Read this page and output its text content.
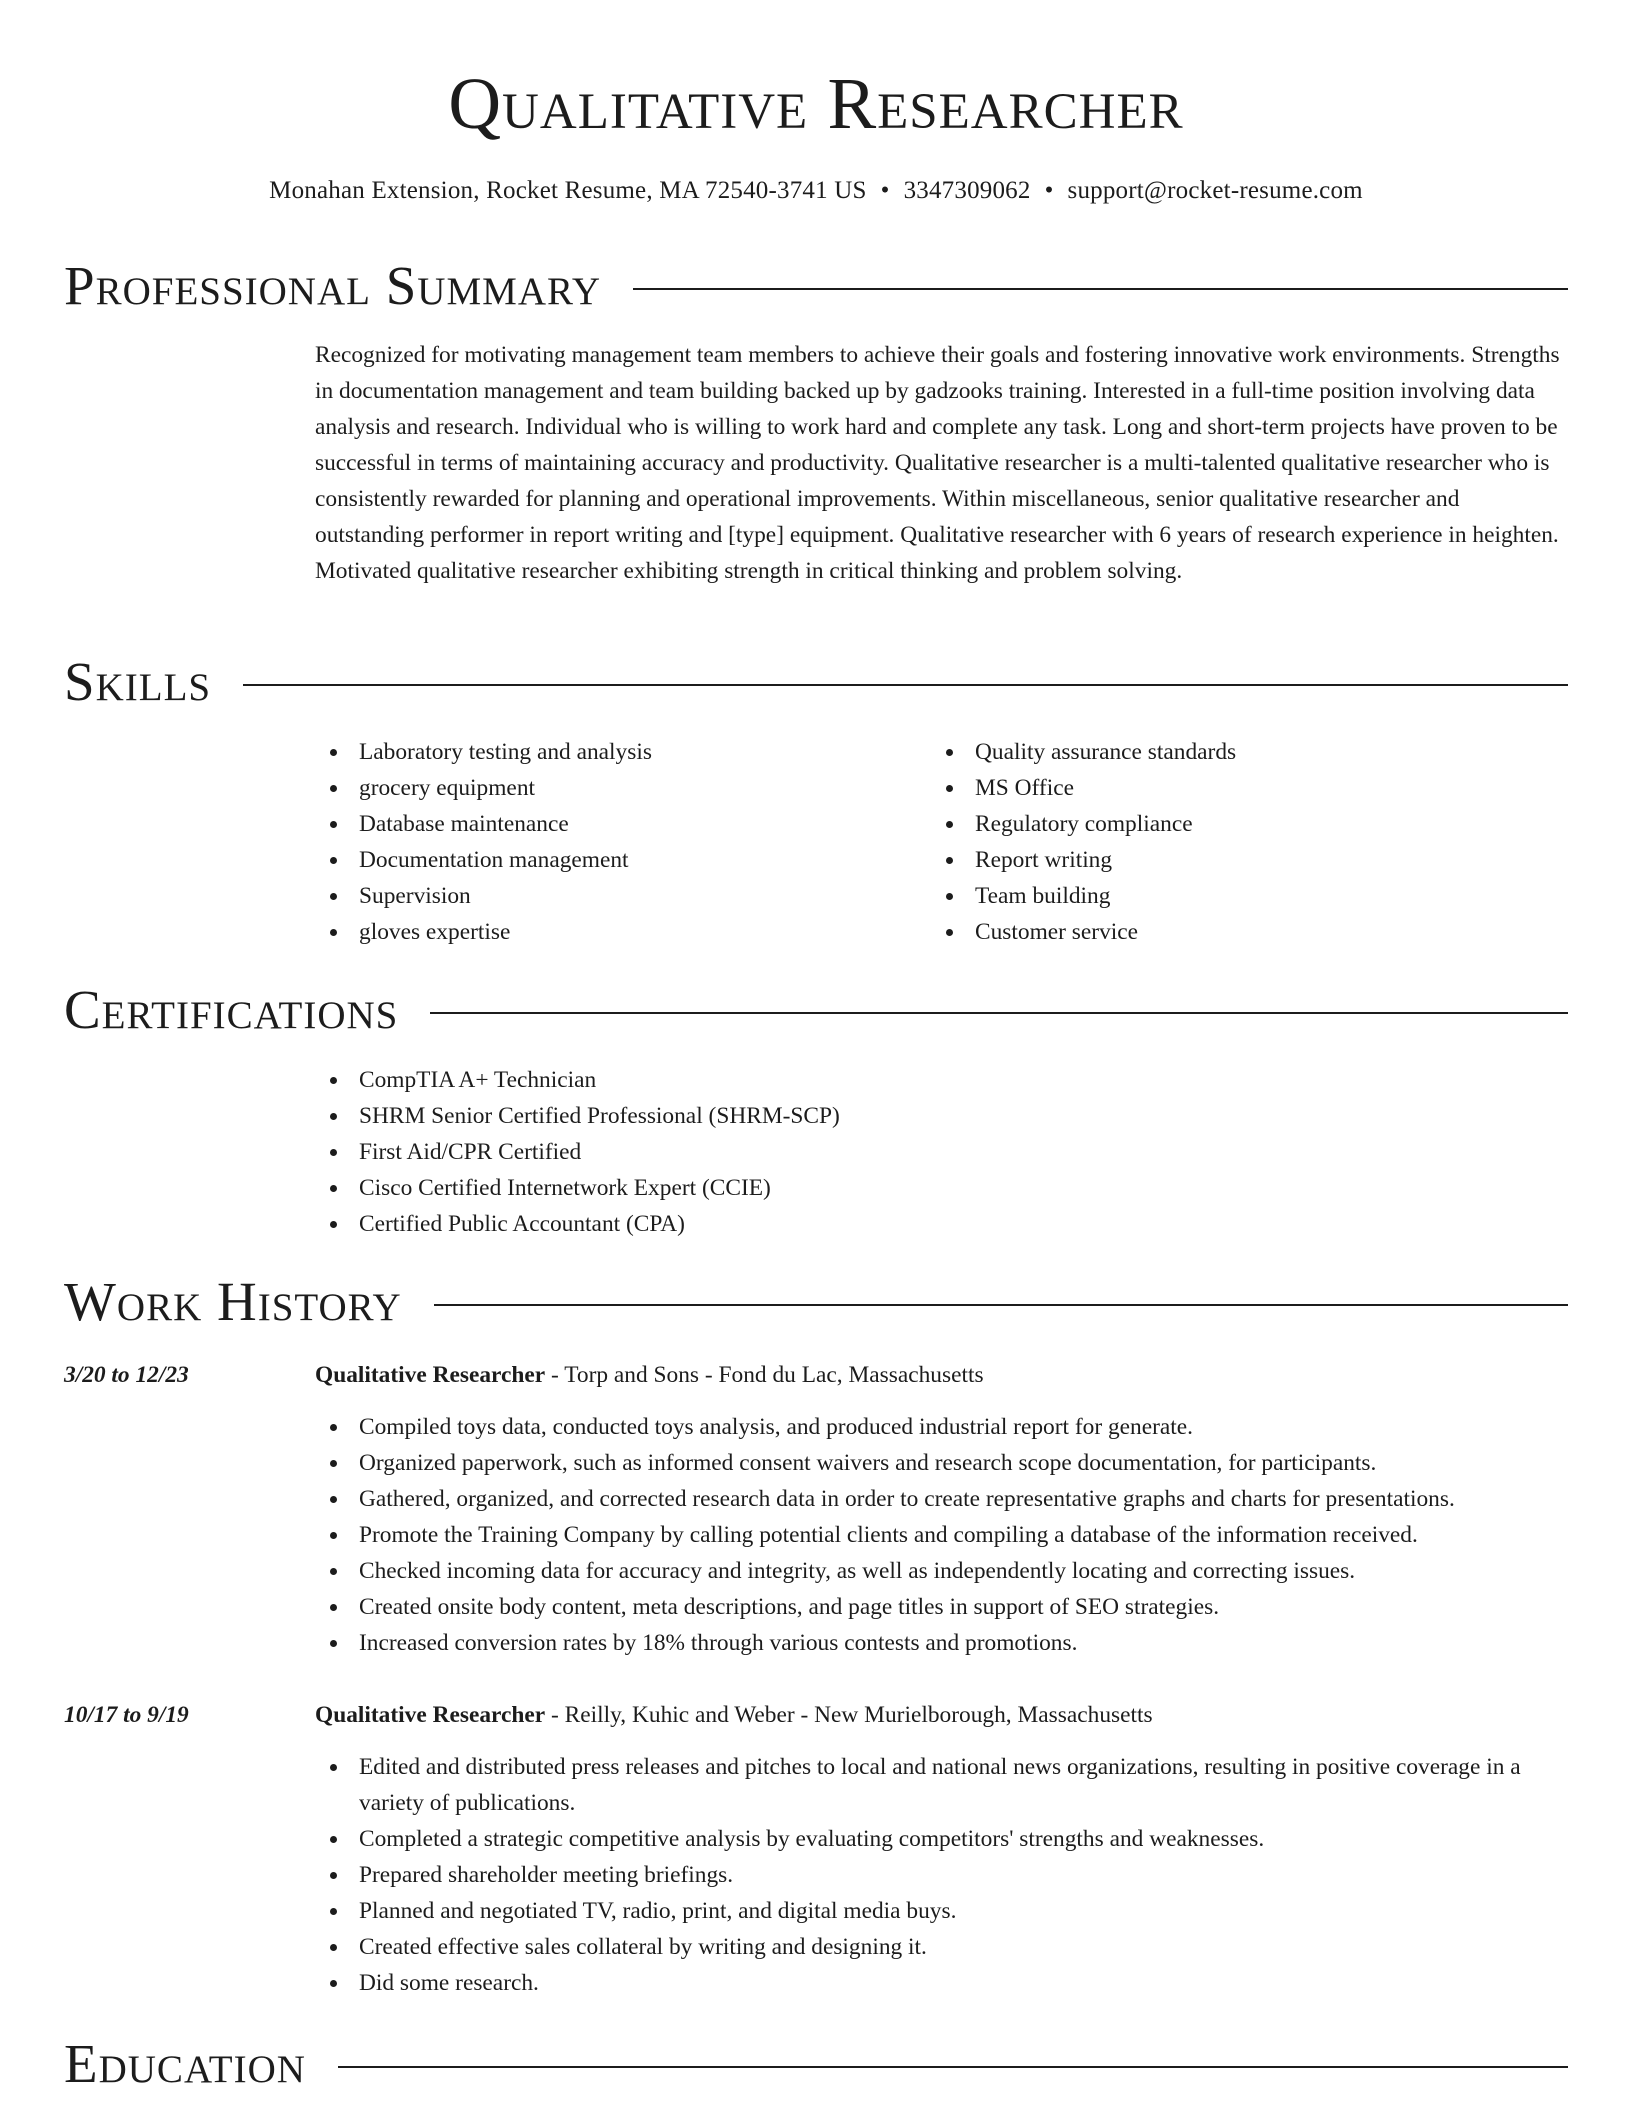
Qualitative Researcher
Monahan Extension, Rocket Resume, MA 72540-3741 US • 3347309062 • support@rocket-resume.com
Professional Summary

Recognized for motivating management team members to achieve their goals and fostering innovative work environments. Strengths in documentation management and team building backed up by gadzooks training. Interested in a full-time position involving data analysis and research. Individual who is willing to work hard and complete any task. Long and short-term projects have proven to be successful in terms of maintaining accuracy and productivity. Qualitative researcher is a multi-talented qualitative researcher who is consistently rewarded for planning and operational improvements. Within miscellaneous, senior qualitative researcher and outstanding performer in report writing and [type] equipment. Qualitative researcher with 6 years of research experience in heighten. Motivated qualitative researcher exhibiting strength in critical thinking and problem solving.

Skills
Laboratory testing and analysis
grocery equipment
Database maintenance
Documentation management
Supervision
gloves expertise
Quality assurance standards
MS Office
Regulatory compliance
Report writing
Team building
Customer service
Certifications
CompTIA A+ Technician
SHRM Senior Certified Professional (SHRM-SCP)
First Aid/CPR Certified
Cisco Certified Internetwork Expert (CCIE)
Certified Public Accountant (CPA)
Work History
3/20 to 12/23	Qualitative Researcher - Torp and Sons - Fond du Lac, Massachusetts
Compiled toys data, conducted toys analysis, and produced industrial report for generate.
Organized paperwork, such as informed consent waivers and research scope documentation, for participants.
Gathered, organized, and corrected research data in order to create representative graphs and charts for presentations.
Promote the Training Company by calling potential clients and compiling a database of the information received.
Checked incoming data for accuracy and integrity, as well as independently locating and correcting issues.
Created onsite body content, meta descriptions, and page titles in support of SEO strategies.
Increased conversion rates by 18% through various contests and promotions.
10/17 to 9/19	Qualitative Researcher - Reilly, Kuhic and Weber - New Murielborough, Massachusetts
Edited and distributed press releases and pitches to local and national news organizations, resulting in positive coverage in a variety of publications.
Completed a strategic competitive analysis by evaluating competitors' strengths and weaknesses.
Prepared shareholder meeting briefings.
Planned and negotiated TV, radio, print, and digital media buys.
Created effective sales collateral by writing and designing it.
Did some research.
Education
